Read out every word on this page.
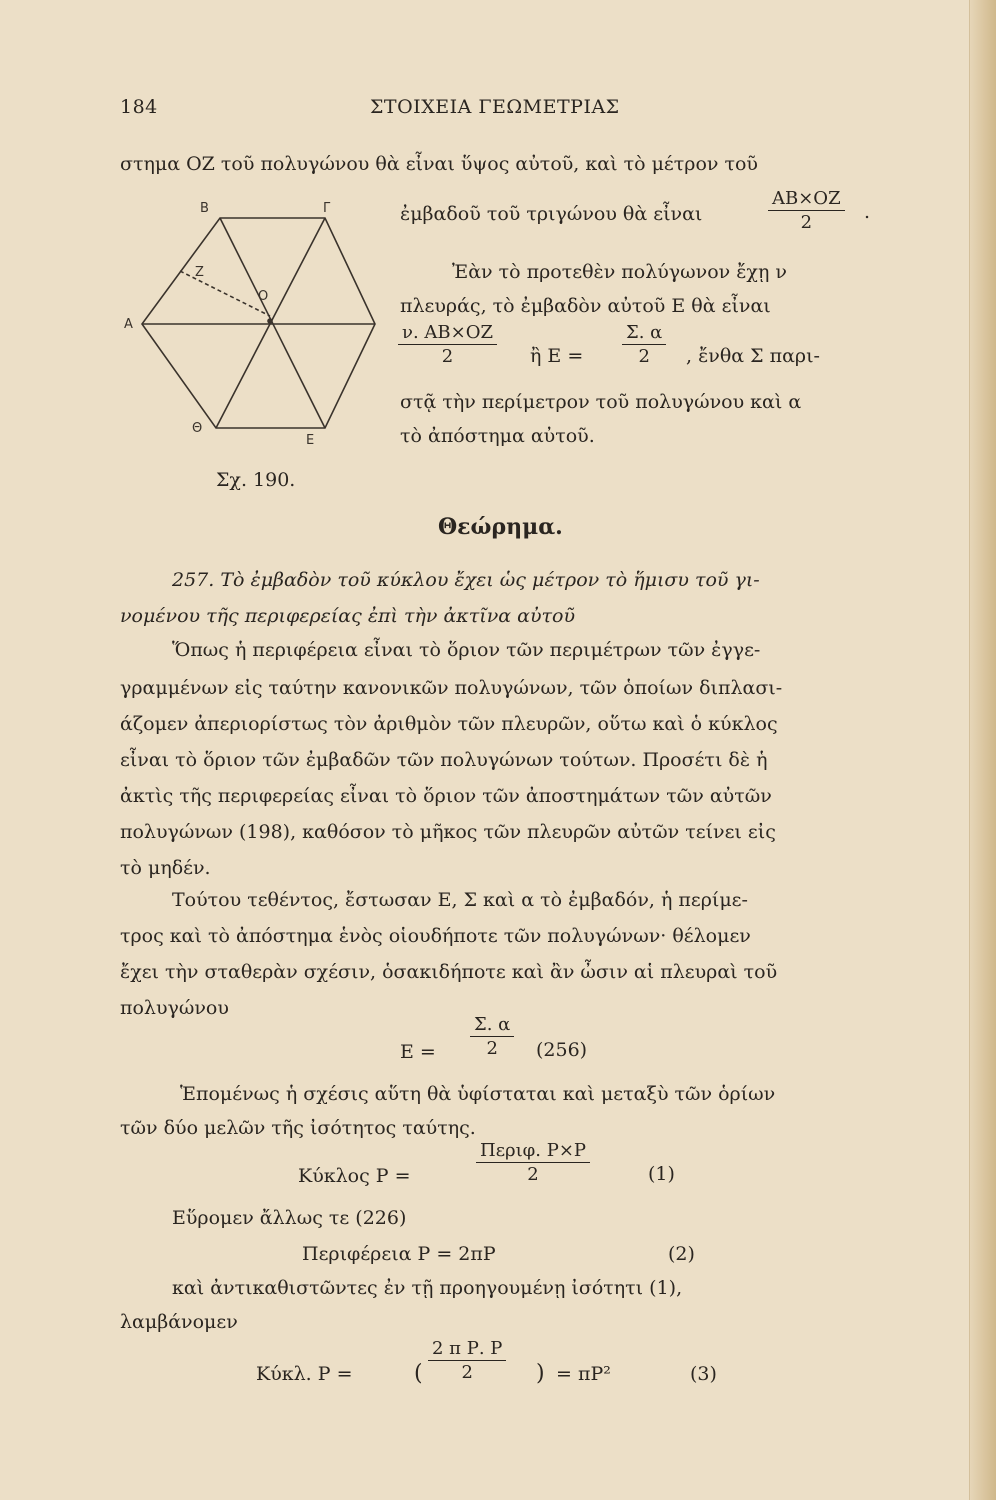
184	ΣΤΟΙΧΕΙΑ ΓΕΩΜΕΤΡΙΑΣ
στημα ΟΖ τοῦ πολυγώνου θὰ εἶναι ὕψος αὐτοῦ, καὶ τὸ μέτρον τοῦ
B	Γ
Z
O
A
Θ
E
Σχ. 190.
ἐμβαδοῦ τοῦ τριγώνου θὰ εἶναι
ΑΒ×ΟΖ
2	.
Ἐὰν τὸ προτεθὲν πολύγωνον ἔχῃ ν
πλευράς, τὸ ἐμβαδὸν αὐτοῦ Ε θὰ εἶναι
ν. ΑΒ×ΟΖ
2	ἢ Ε =
Σ. α
2	, ἔνθα Σ παρι-
στᾷ τὴν περίμετρον τοῦ πολυγώνου καὶ α
τὸ ἀπόστημα αὐτοῦ.
Θεώρημα.
257. Τὸ ἐμβαδὸν τοῦ κύκλου ἔχει ὡς μέτρον τὸ ἥμισυ τοῦ γι-
νομένου τῆς περιφερείας ἐπὶ τὴν ἀκτῖνα αὐτοῦ
Ὅπως ἡ περιφέρεια εἶναι τὸ ὅριον τῶν περιμέτρων τῶν ἐγγε-
γραμμένων εἰς ταύτην κανονικῶν πολυγώνων, τῶν ὁποίων διπλασι-
άζομεν ἀπεριορίστως τὸν ἀριθμὸν τῶν πλευρῶν, οὕτω καὶ ὁ κύκλος
εἶναι τὸ ὅριον τῶν ἐμβαδῶν τῶν πολυγώνων τούτων. Προσέτι δὲ ἡ
ἀκτὶς τῆς περιφερείας εἶναι τὸ ὅριον τῶν ἀποστημάτων τῶν αὐτῶν
πολυγώνων (198), καθόσον τὸ μῆκος τῶν πλευρῶν αὐτῶν τείνει εἰς
τὸ μηδέν.
Τούτου τεθέντος, ἔστωσαν Ε, Σ καὶ α τὸ ἐμβαδόν, ἡ περίμε-
τρος καὶ τὸ ἀπόστημα ἑνὸς οἱουδήποτε τῶν πολυγώνων· θέλομεν
ἔχει τὴν σταθερὰν σχέσιν, ὁσακιδήποτε καὶ ἂν ὦσιν αἱ πλευραὶ τοῦ
πολυγώνου
Ε =
Σ. α
2	(256)
Ἑπομένως ἡ σχέσις αὕτη θὰ ὑφίσταται καὶ μεταξὺ τῶν ὁρίων
τῶν δύο μελῶν τῆς ἰσότητος ταύτης.
Κύκλος Ρ =
Περιφ. Ρ×Ρ
2	(1)
Εὕρομεν ἄλλως τε (226)
Περιφέρεια Ρ = 2πΡ	(2)
καὶ ἀντικαθιστῶντες ἐν τῇ προηγουμένῃ ἰσότητι (1),
λαμβάνομεν
Κύκλ. Ρ =	(
2 π Ρ. Ρ
2	) = πΡ²	(3)
